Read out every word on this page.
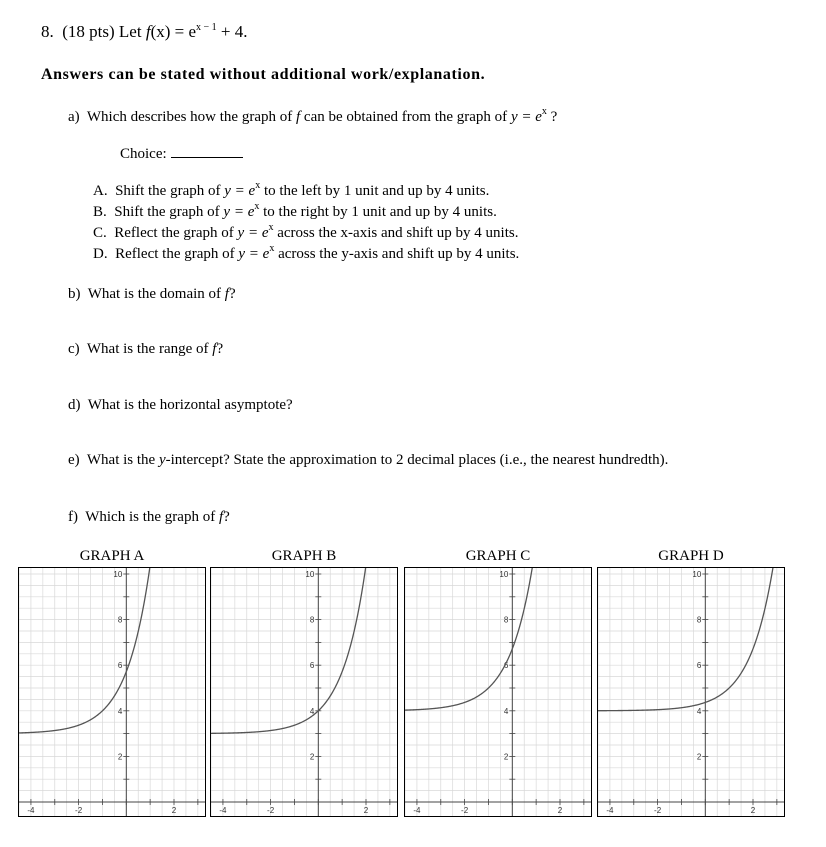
8. (18 pts) Let $f(x) = e^{x - 1} + 4$.
Answers can be stated without additional work/explanation.
a) Which describes how the graph of f can be obtained from the graph of $y = e^x$ ?
Choice:
A. Shift the graph of $y = e^x$ to the left by 1 unit and up by 4 units.
B. Shift the graph of $y = e^x$ to the right by 1 unit and up by 4 units.
C. Reflect the graph of $y = e^x$ across the x-axis and shift up by 4 units.
D. Reflect the graph of $y = e^x$ across the y-axis and shift up by 4 units.
b) What is the domain of f?
c) What is the range of f?
d) What is the horizontal asymptote?
e) What is the y-intercept? State the approximation to 2 decimal places (i.e., the nearest hundredth).
f) Which is the graph of f?
GRAPH A	GRAPH B	GRAPH C	GRAPH D
-4	-2	2
2
4
6
8
10
-4	-2	2
2
4
6
8
10
-4	-2	2
2
4
6
8
10
-4	-2	2
2
4
6
8
10
